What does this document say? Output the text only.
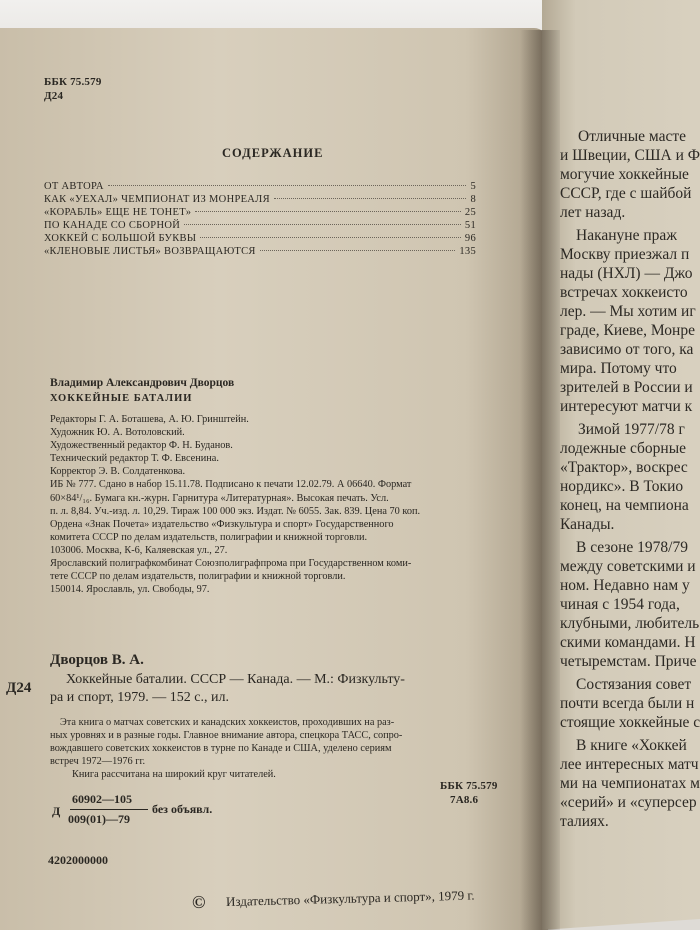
ББК 75.579
Д24
СОДЕРЖАНИЕ
ОТ АВТОРА	5
КАК «УЕХАЛ» ЧЕМПИОНАТ ИЗ МОНРЕАЛЯ	8
«КОРАБЛЬ» ЕЩЕ НЕ ТОНЕТ»	25
ПО КАНАДЕ СО СБОРНОЙ	51
ХОККЕЙ С БОЛЬШОЙ БУКВЫ	96
«КЛЕНОВЫЕ ЛИСТЬЯ» ВОЗВРАЩАЮТСЯ	135
Владимир Александрович Дворцов
ХОККЕЙНЫЕ БАТАЛИИ
Редакторы Г. А. Боташева, А. Ю. Гринштейн.
Художник Ю. А. Вотоловский.
Художественный редактор Ф. Н. Буданов.
Технический редактор Т. Ф. Евсенина.
Корректор Э. В. Солдатенкова.
ИБ № 777. Сдано в набор 15.11.78. Подписано к печати 12.02.79. А 06640. Формат
60×84¹/₁₆. Бумага кн.-журн. Гарнитура «Литературная». Высокая печать. Усл.
п. л. 8,84. Уч.-изд. л. 10,29. Тираж 100 000 экз. Издат. № 6055. Зак. 839. Цена 70 коп.
Ордена «Знак Почета» издательство «Физкультура и спорт» Государственного
комитета СССР по делам издательств, полиграфии и книжной торговли.
103006. Москва, К-6, Каляевская ул., 27.
Ярославский полиграфкомбинат Союзполиграфпрома при Государственном коми-
тете СССР по делам издательств, полиграфии и книжной торговли.
150014. Ярославль, ул. Свободы, 97.
Д24
Дворцов В. А.
Хоккейные баталии. СССР — Канада. — М.: Физкульту-
ра и спорт, 1979. — 152 с., ил.
Эта книга о матчах советских и канадских хоккеистов, проходивших на раз-
ных уровнях и в разные годы. Главное внимание автора, спецкора ТАСС, сопро-
вождавшего советских хоккеистов в турне по Канаде и США, уделено сериям
встреч 1972—1976 гг.
Книга рассчитана на широкий круг читателей.
ББК 75.579
7А8.6
Д
60902—105
009(01)—79
без объявл.
4202000000
© Издательство «Физкультура и спорт», 1979 г.
Отличные масте
и Швеции, США и Ф
могучие хоккейные
СССР, где с шайбой
лет назад.
Накануне праж
Москву приезжал п
нады (НХЛ) — Джо
встречах хоккеисто
лер. — Мы хотим иг
граде, Киеве, Монре
зависимо от того, ка
мира. Потому что
зрителей в России и
интересуют матчи к
Зимой 1977/78 г
лодежные сборные
«Трактор», воскрес
нордикс». В Токио
конец, на чемпиона
Канады.
В сезоне 1978/79
между советскими и
ном. Недавно нам у
чиная с 1954 года,
клубными, любитель
скими командами. Н
четыремстам. Приче
Состязания совет
почти всегда были н
стоящие хоккейные с
В книге «Хоккей
лее интересных матч
ми на чемпионатах м
«серий» и «суперсер
талиях.
